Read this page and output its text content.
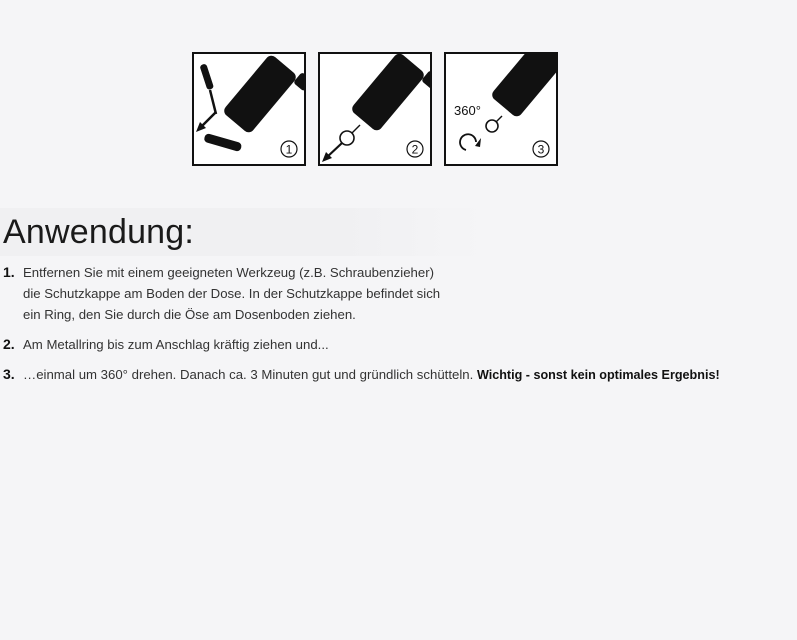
1	2
360°
3
Anwendung:
1. Entfernen Sie mit einem geeigneten Werkzeug (z.B. Schraubenzieher)
die Schutzkappe am Boden der Dose. In der Schutzkappe befindet sich
ein Ring, den Sie durch die Öse am Dosenboden ziehen.
2. Am Metallring bis zum Anschlag kräftig ziehen und...
3. …einmal um 360° drehen. Danach ca. 3 Minuten gut und gründlich schütteln. Wichtig - sonst kein optimales Ergebnis!
